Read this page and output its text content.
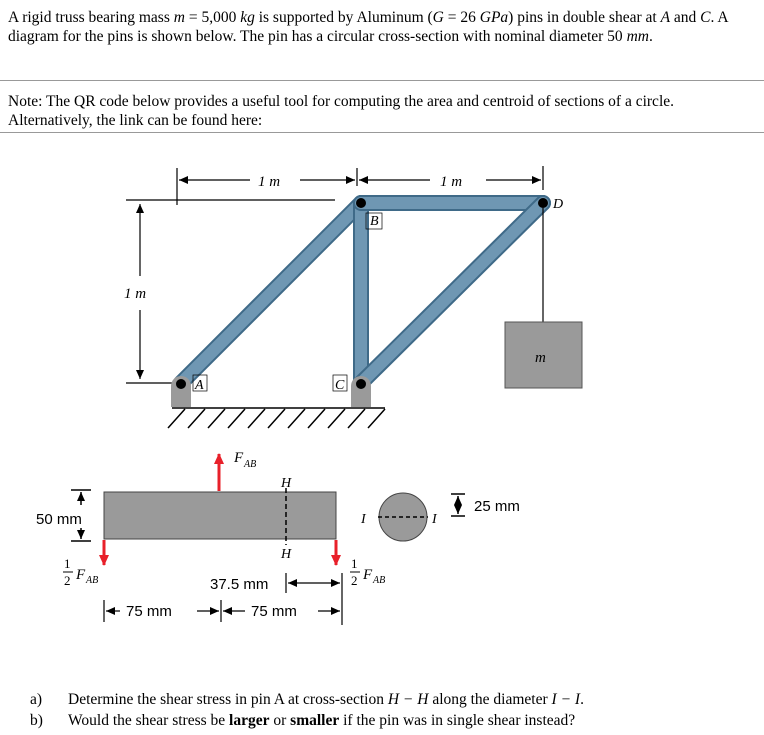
A rigid truss bearing mass m = 5,000 kg is supported by Aluminum (G = 26 GPa) pins in double shear at A and C. A diagram for the pins is shown below. The pin has a circular cross-section with nominal diameter 50 mm.

Note: The QR code below provides a useful tool for computing the area and centroid of sections of a circle. Alternatively, the link can be found here:

1 m	1 m
1 m
B
D
A	C
m
H
H
F AB
1
2 F AB
1
2 F AB
50 mm
37.5 mm
75 mm	75 mm
I	I
25 mm
a) Determine the shear stress in pin A at cross-section H − H along the diameter I − I.
b) Would the shear stress be larger or smaller if the pin was in single shear instead?
